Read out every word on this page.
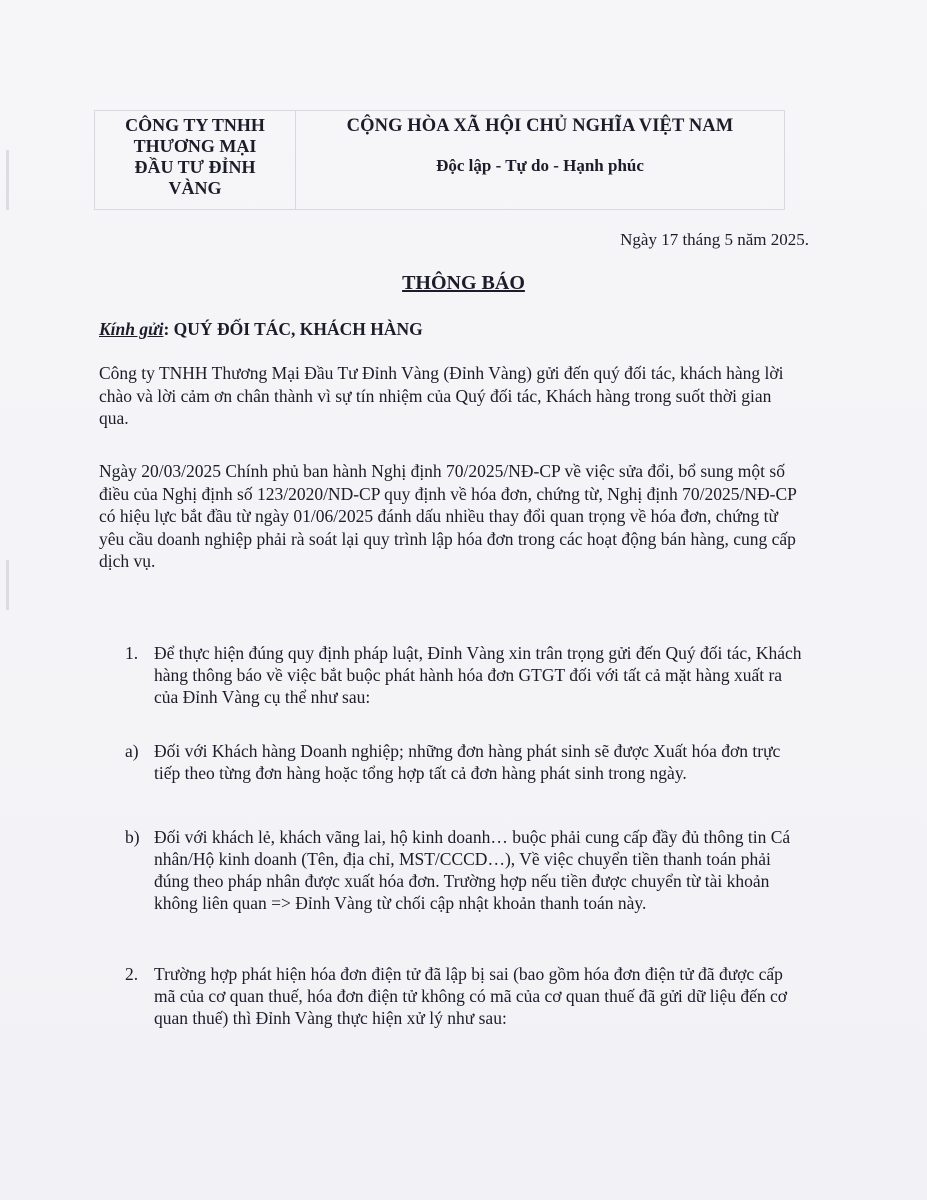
CÔNG TY TNHH
THƯƠNG MẠI
ĐẦU TƯ ĐỈNH
VÀNG
CỘNG HÒA XÃ HỘI CHỦ NGHĨA VIỆT NAM
Độc lập - Tự do - Hạnh phúc
Ngày 17 tháng 5 năm 2025.
THÔNG BÁO
Kính gửi: QUÝ ĐỐI TÁC, KHÁCH HÀNG
Công ty TNHH Thương Mại Đầu Tư Đỉnh Vàng (Đỉnh Vàng) gửi đến quý đối tác, khách hàng lời chào và lời cảm ơn chân thành vì sự tín nhiệm của Quý đối tác, Khách hàng trong suốt thời gian qua.
Ngày 20/03/2025 Chính phủ ban hành Nghị định 70/2025/NĐ-CP về việc sửa đổi, bổ sung một số điều của Nghị định số 123/2020/ND-CP quy định về hóa đơn, chứng từ, Nghị định 70/2025/NĐ-CP có hiệu lực bắt đầu từ ngày 01/06/2025 đánh dấu nhiều thay đổi quan trọng về hóa đơn, chứng từ yêu cầu doanh nghiệp phải rà soát lại quy trình lập hóa đơn trong các hoạt động bán hàng, cung cấp dịch vụ.
1. Để thực hiện đúng quy định pháp luật, Đỉnh Vàng xin trân trọng gửi đến Quý đối tác, Khách hàng thông báo về việc bắt buộc phát hành hóa đơn GTGT đối với tất cả mặt hàng xuất ra của Đỉnh Vàng cụ thể như sau:
a) Đối với Khách hàng Doanh nghiệp; những đơn hàng phát sinh sẽ được Xuất hóa đơn trực tiếp theo từng đơn hàng hoặc tổng hợp tất cả đơn hàng phát sinh trong ngày.
b) Đối với khách lẻ, khách vãng lai, hộ kinh doanh… buộc phải cung cấp đầy đủ thông tin Cá nhân/Hộ kinh doanh (Tên, địa chỉ, MST/CCCD…), Về việc chuyển tiền thanh toán phải đúng theo pháp nhân được xuất hóa đơn. Trường hợp nếu tiền được chuyển từ tài khoản không liên quan => Đỉnh Vàng từ chối cập nhật khoản thanh toán này.
2. Trường hợp phát hiện hóa đơn điện tử đã lập bị sai (bao gồm hóa đơn điện tử đã được cấp mã của cơ quan thuế, hóa đơn điện tử không có mã của cơ quan thuế đã gửi dữ liệu đến cơ quan thuế) thì Đỉnh Vàng thực hiện xử lý như sau:
